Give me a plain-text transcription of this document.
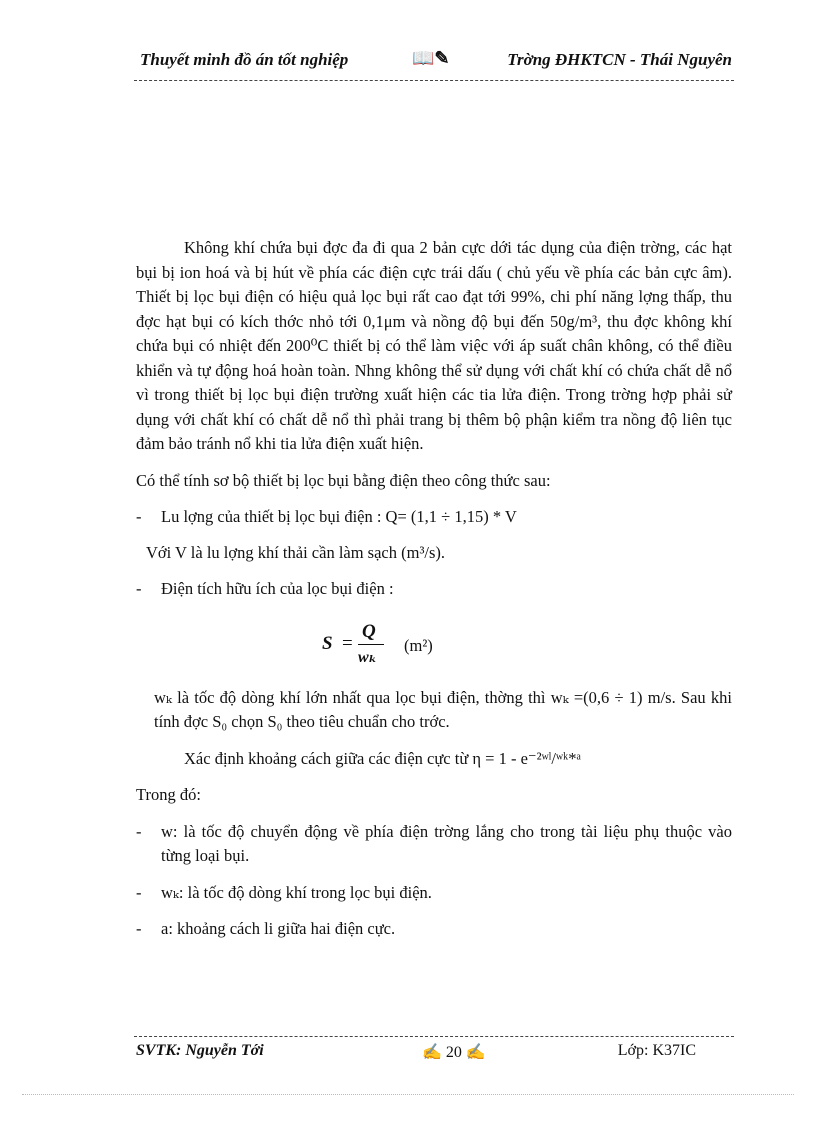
Thuyết minh đồ án tốt nghiệp	📖✎	Trờng ĐHKTCN - Thái Nguyên

Không khí chứa bụi đợc đa đi qua 2 bản cực dới tác dụng của điện trờng, các hạt bụi bị ion hoá và bị hút về phía các điện cực trái dấu ( chủ yếu về phía các bản cực âm). Thiết bị lọc bụi điện có hiệu quả lọc bụi rất cao đạt tới 99%, chi phí năng lợng thấp, thu đợc hạt bụi có kích thớc nhỏ tới 0,1μm và nồng độ bụi đến 50g/m³, thu đợc không khí chứa bụi có nhiệt đến 200⁰C thiết bị có thể làm việc với áp suất chân không, có thể điều khiển và tự động hoá hoàn toàn. Nhng không thể sử dụng với chất khí có chứa chất dễ nổ vì trong thiết bị lọc bụi điện trường xuất hiện các tia lửa điện. Trong trờng hợp phải sử dụng với chất khí có chất dễ nổ thì phải trang bị thêm bộ phận kiểm tra nồng độ liên tục đảm bảo tránh nổ khi tia lửa điện xuất hiện.

Có thể tính sơ bộ thiết bị lọc bụi bằng điện theo công thức sau:

- Lu lợng của thiết bị lọc bụi điện : Q= (1,1 ÷ 1,15) * V

Với V là lu lợng khí thải cần làm sạch (m³/s).

- Điện tích hữu ích của lọc bụi điện :
S =
Q
wₖ
(m²)

wₖ là tốc độ dòng khí lớn nhất qua lọc bụi điện, thờng thì wₖ =(0,6 ÷ 1) m/s. Sau khi tính đợc S₀ chọn S₀ theo tiêu chuẩn cho trớc.

Xác định khoảng cách giữa các điện cực từ η = 1 - e⁻²ʷˡ/ʷᵏ*ᵃ

Trong đó:

- w: là tốc độ chuyển động về phía điện trờng lắng cho trong tài liệu phụ thuộc vào từng loại bụi.
- wₖ: là tốc độ dòng khí trong lọc bụi điện.
- a: khoảng cách li giữa hai điện cực.
SVTK: Nguyễn Tới	✍ 20 ✍	Lớp: K37IC
